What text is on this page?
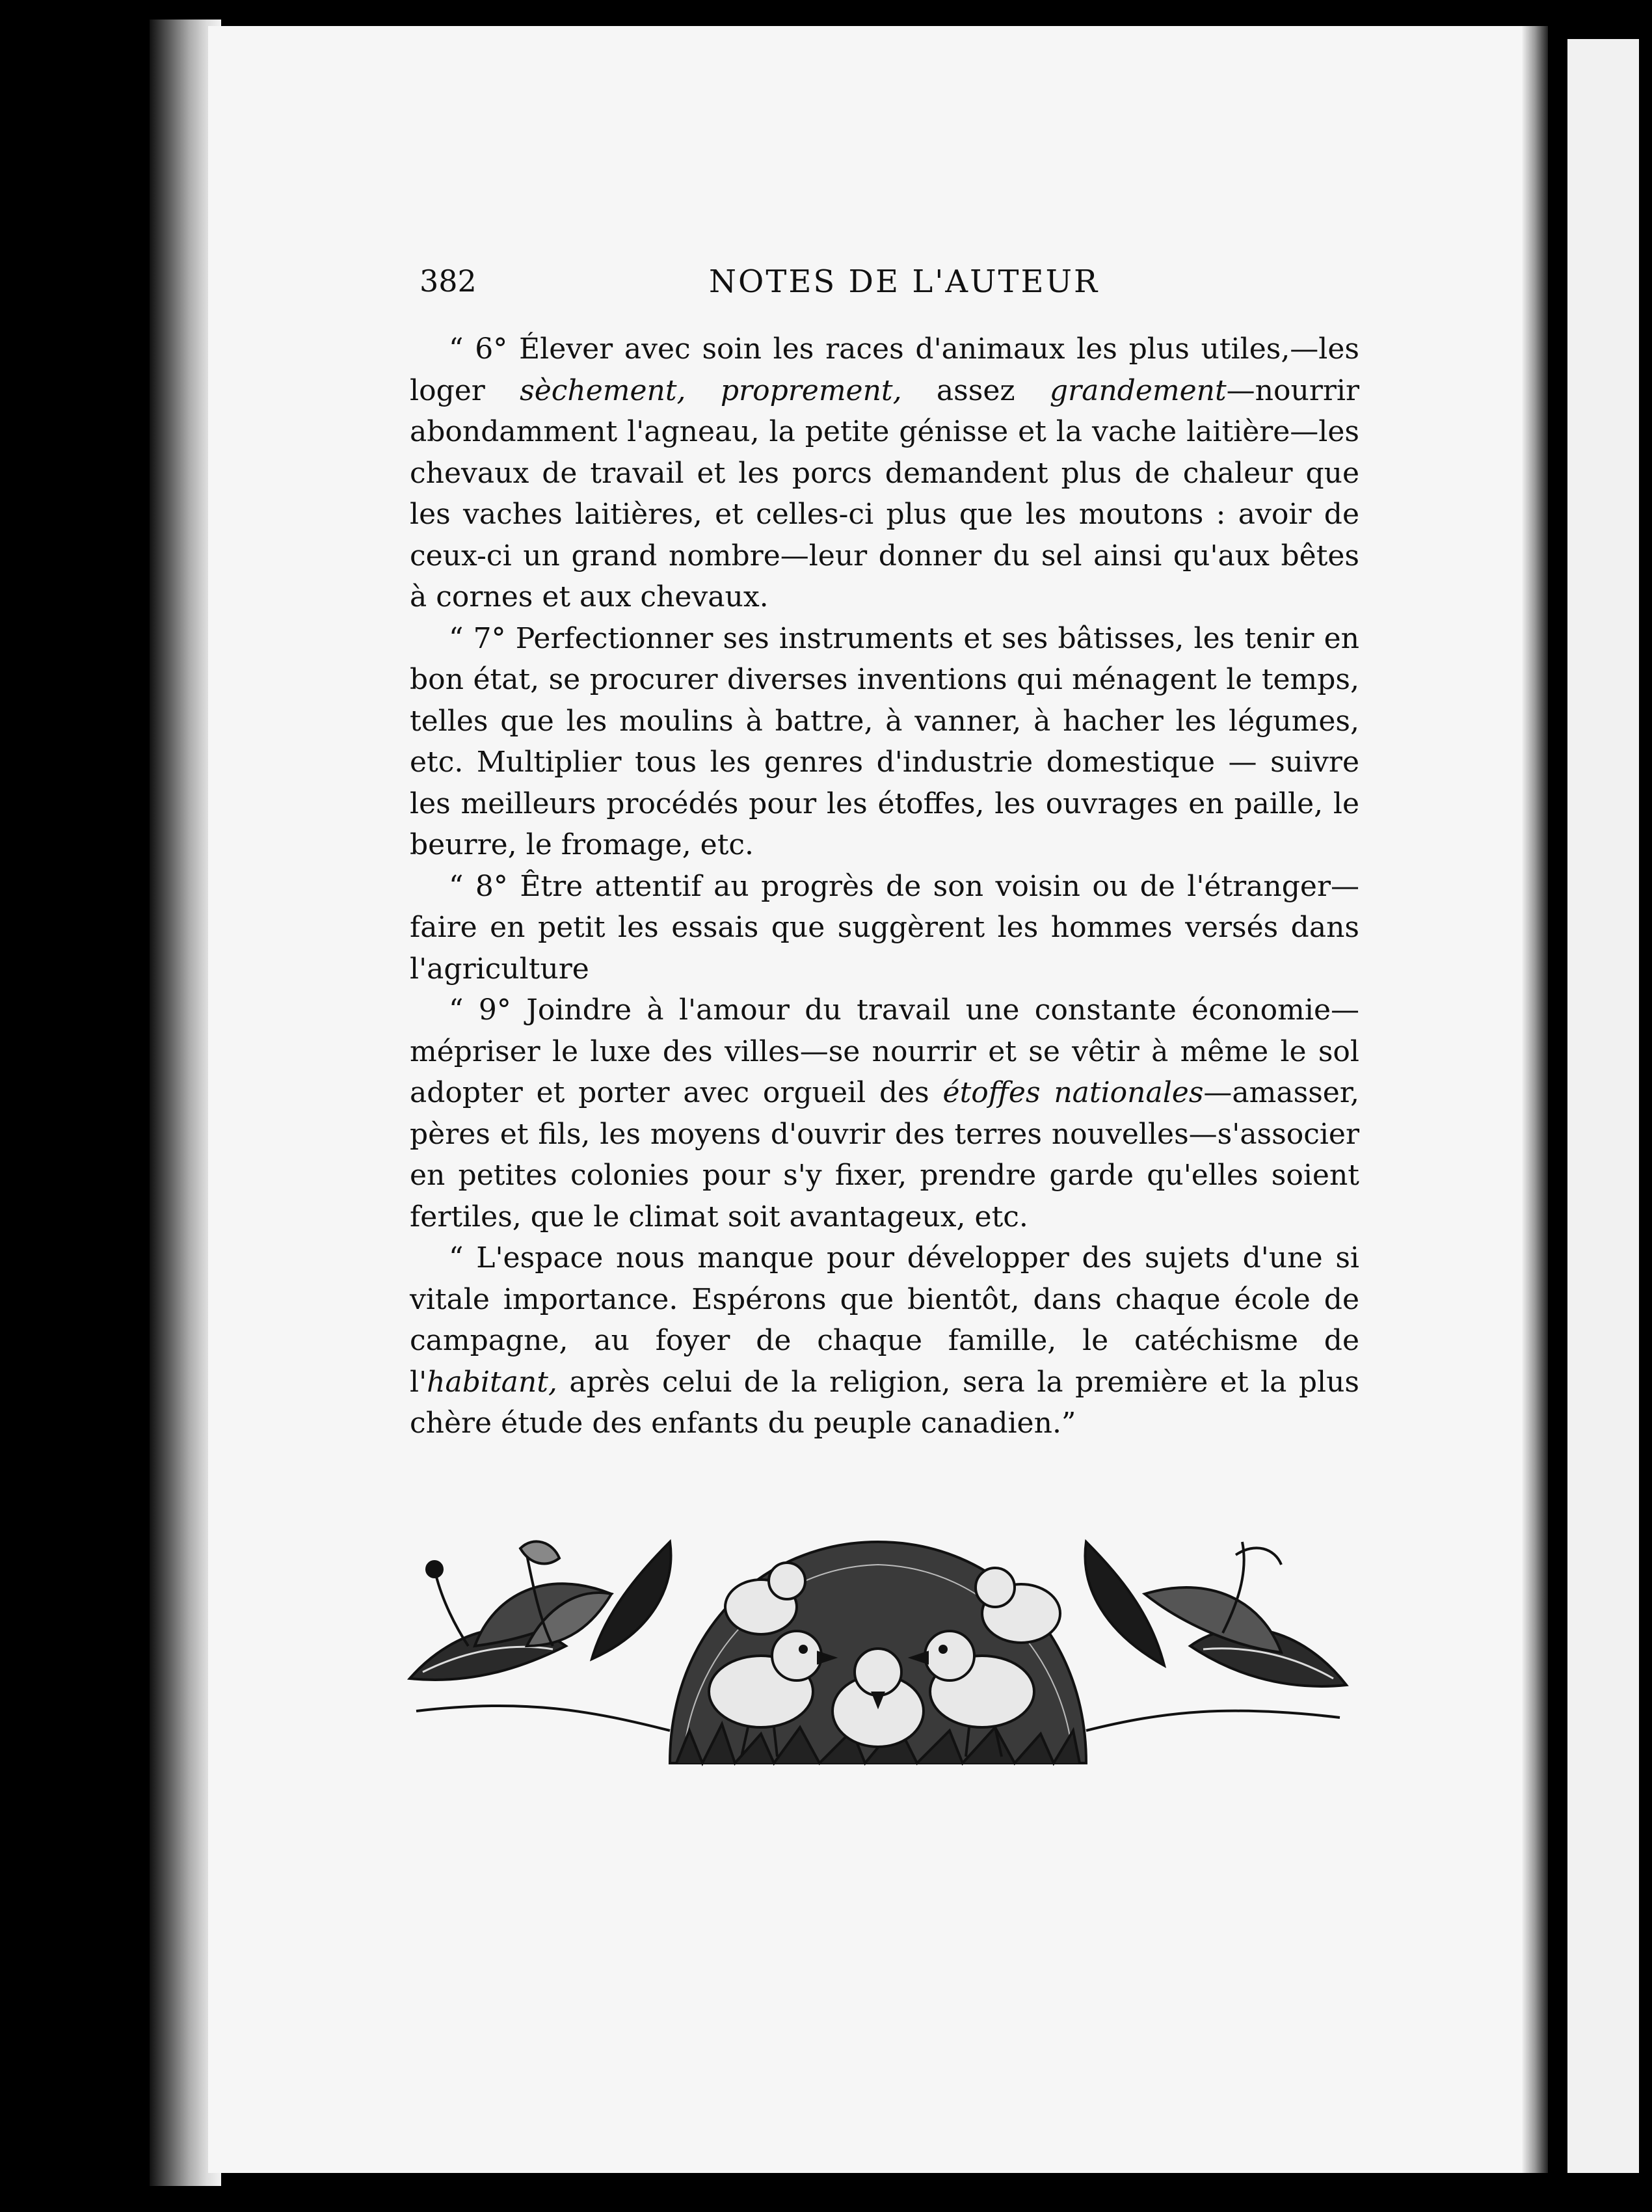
382	NOTES DE L'AUTEUR

“ 6° Élever avec soin les races d'animaux les plus utiles,—les loger sèchement, proprement, assez grandement—nourrir abondamment l'agneau, la petite génisse et la vache laitière—les chevaux de travail et les porcs demandent plus de chaleur que les vaches laitières, et celles-ci plus que les moutons : avoir de ceux-ci un grand nombre—leur donner du sel ainsi qu'aux bêtes à cornes et aux chevaux.

“ 7° Perfectionner ses instruments et ses bâtisses, les tenir en bon état, se procurer diverses inventions qui ménagent le temps, telles que les moulins à battre, à vanner, à hacher les légumes, etc. Multiplier tous les genres d'industrie domestique — suivre les meilleurs procédés pour les étoffes, les ouvrages en paille, le beurre, le fromage, etc.

“ 8° Être attentif au progrès de son voisin ou de l'étranger—faire en petit les essais que suggèrent les hommes versés dans l'agriculture

“ 9° Joindre à l'amour du travail une constante économie—mépriser le luxe des villes—se nourrir et se vêtir à même le sol adopter et porter avec orgueil des étoffes nationales—amasser, pères et fils, les moyens d'ouvrir des terres nouvelles—s'associer en petites colonies pour s'y fixer, prendre garde qu'elles soient fertiles, que le climat soit avantageux, etc.

“ L'espace nous manque pour développer des sujets d'une si vitale importance. Espérons que bientôt, dans chaque école de campagne, au foyer de chaque famille, le catéchisme de l'habitant, après celui de la religion, sera la première et la plus chère étude des enfants du peuple canadien.”
